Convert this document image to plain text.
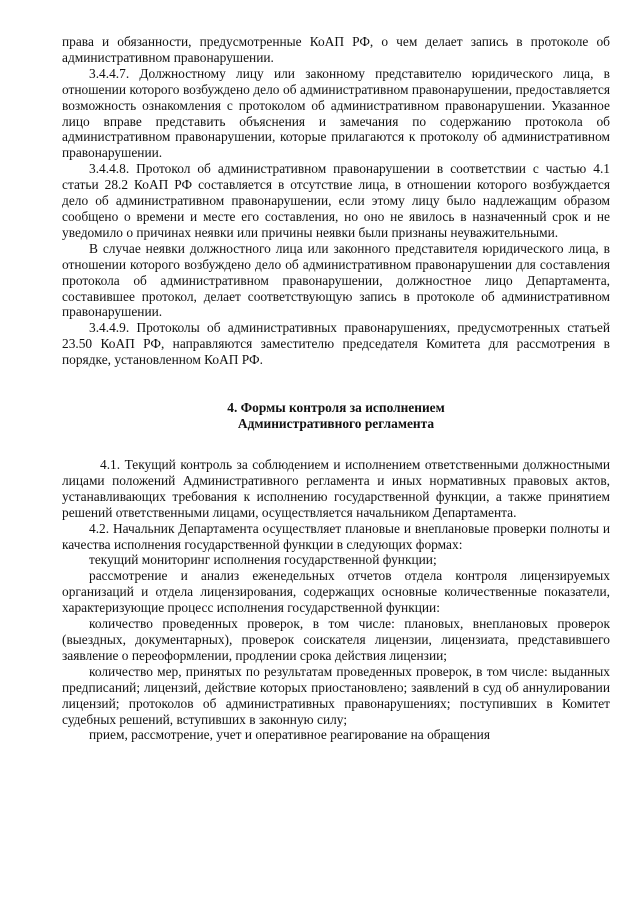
права и обязанности, предусмотренные КоАП РФ, о чем делает запись в протоколе об административном правонарушении.

3.4.4.7. Должностному лицу или законному представителю юридического лица, в отношении которого возбуждено дело об административном правонарушении, предоставляется возможность ознакомления с протоколом об административном правонарушении. Указанное лицо вправе представить объяснения и замечания по содержанию протокола об административном правонарушении, которые прилагаются к протоколу об административном правонарушении.

3.4.4.8. Протокол об административном правонарушении в соответствии с частью 4.1 статьи 28.2 КоАП РФ составляется в отсутствие лица, в отношении которого возбуждается дело об административном правонарушении, если этому лицу было надлежащим образом сообщено о времени и месте его составления, но оно не явилось в назначенный срок и не уведомило о причинах неявки или причины неявки были признаны неуважительными.

В случае неявки должностного лица или законного представителя юридического лица, в отношении которого возбуждено дело об административном правонарушении для составления протокола об административном правонарушении, должностное лицо Департамента, составившее протокол, делает соответствующую запись в протоколе об административном правонарушении.

3.4.4.9. Протоколы об административных правонарушениях, предусмотренных статьей 23.50 КоАП РФ, направляются заместителю председателя Комитета для рассмотрения в порядке, установленном КоАП РФ.

4. Формы контроля за исполнением
Административного регламента

4.1. Текущий контроль за соблюдением и исполнением ответственными должностными лицами положений Административного регламента и иных нормативных правовых актов, устанавливающих требования к исполнению государственной функции, а также принятием решений ответственными лицами, осуществляется начальником Департамента.

4.2. Начальник Департамента осуществляет плановые и внеплановые проверки полноты и качества исполнения государственной функции в следующих формах:

текущий мониторинг исполнения государственной функции;

рассмотрение и анализ еженедельных отчетов отдела контроля лицензируемых организаций и отдела лицензирования, содержащих основные количественные показатели, характеризующие процесс исполнения государственной функции:

количество проведенных проверок, в том числе: плановых, внеплановых проверок (выездных, документарных), проверок соискателя лицензии, лицензиата, представившего заявление о переоформлении, продлении срока действия лицензии;

количество мер, принятых по результатам проведенных проверок, в том числе: выданных предписаний; лицензий, действие которых приостановлено; заявлений в суд об аннулировании лицензий; протоколов об административных правонарушениях; поступивших в Комитет судебных решений, вступивших в законную силу;

прием, рассмотрение, учет и оперативное реагирование на обращения
